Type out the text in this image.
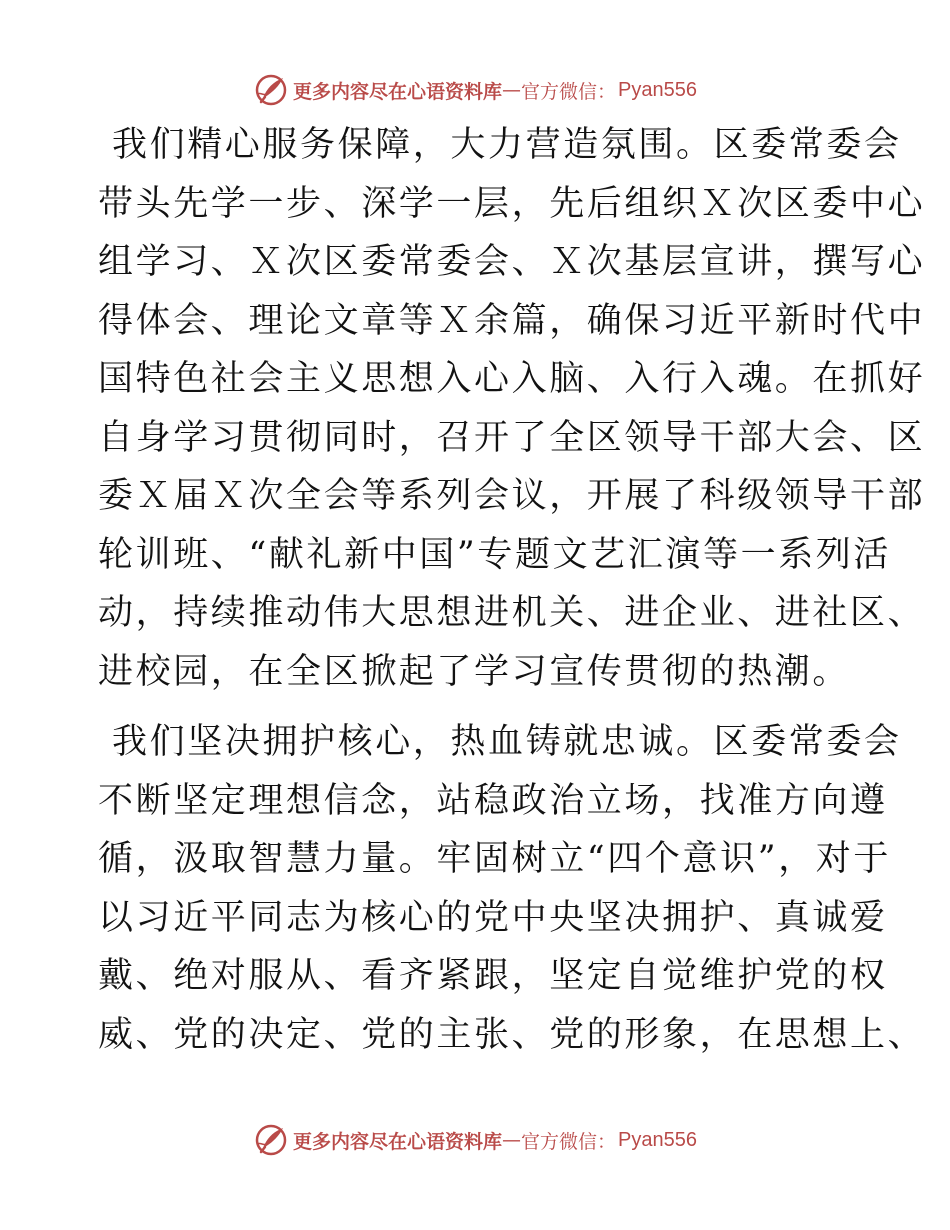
更多内容尽在心语资料库 — 官方微信： Pyan556
我们精心服务保障，大力营造氛围。区委常委会
带头先学一步、深学一层，先后组织Ｘ次区委中心
组学习、Ｘ次区委常委会、Ｘ次基层宣讲，撰写心
得体会、理论文章等Ｘ余篇，确保习近平新时代中
国特色社会主义思想入心入脑、入行入魂。在抓好
自身学习贯彻同时，召开了全区领导干部大会、区
委Ｘ届Ｘ次全会等系列会议，开展了科级领导干部
轮训班、“献礼新中国”专题文艺汇演等一系列活
动，持续推动伟大思想进机关、进企业、进社区、
进校园，在全区掀起了学习宣传贯彻的热潮。
我们坚决拥护核心，热血铸就忠诚。区委常委会
不断坚定理想信念，站稳政治立场，找准方向遵
循，汲取智慧力量。牢固树立“四个意识”，对于
以习近平同志为核心的党中央坚决拥护、真诚爱
戴、绝对服从、看齐紧跟，坚定自觉维护党的权
威、党的决定、党的主张、党的形象，在思想上、
更多内容尽在心语资料库 — 官方微信： Pyan556
